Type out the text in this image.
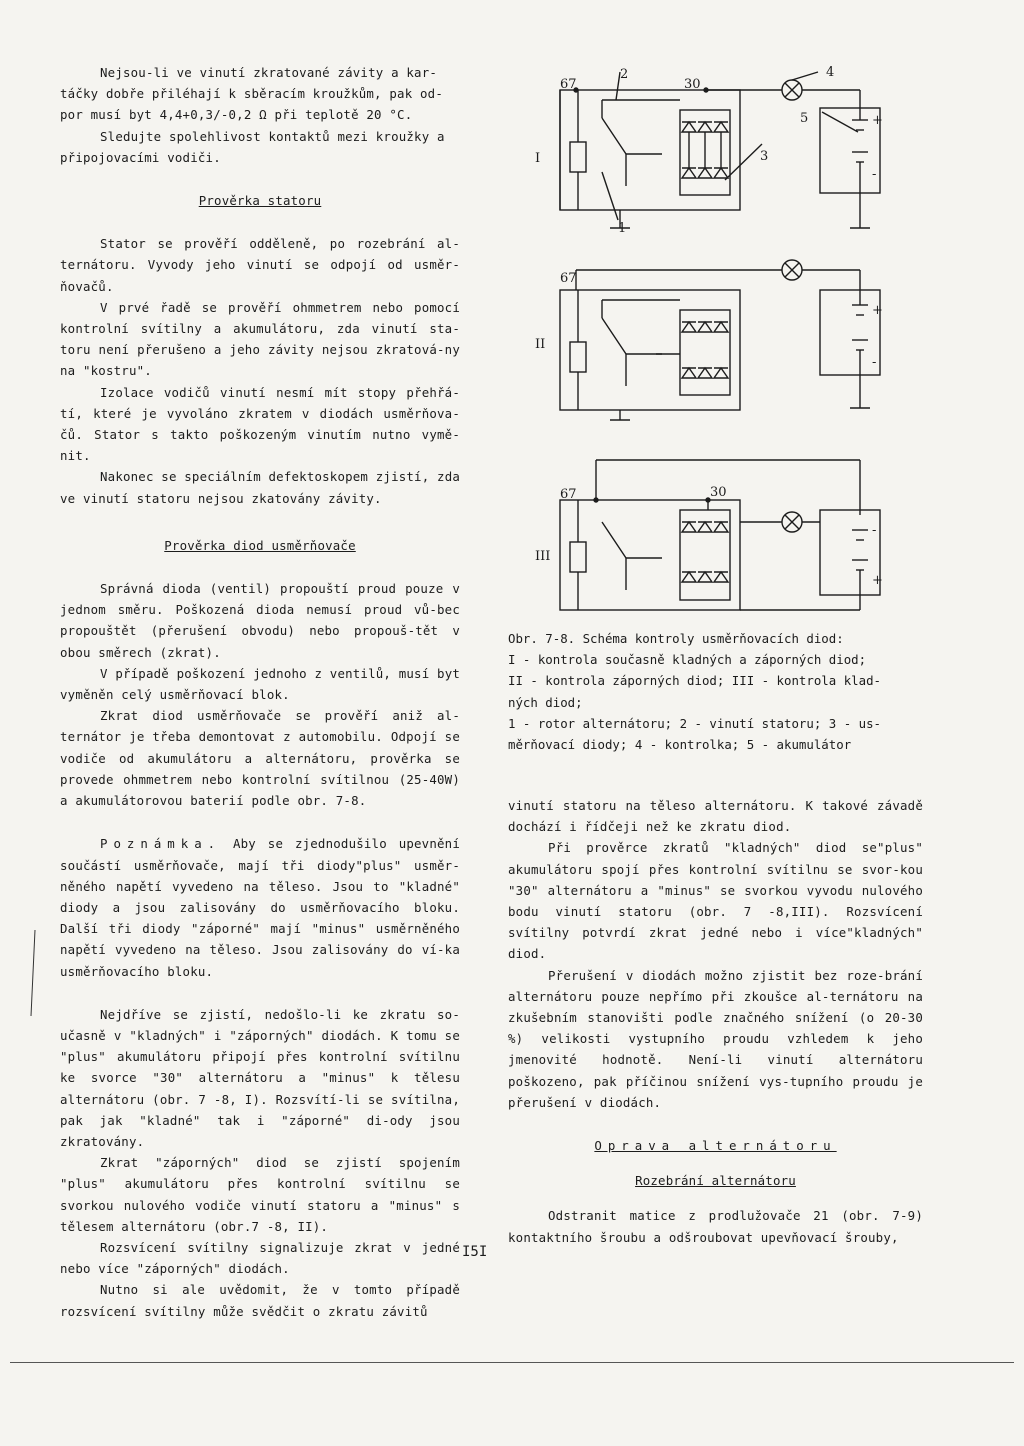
Nejsou-li ve vinutí zkratované závity a kar-

táčky dobře přiléhají k sběracím kroužkům, pak od-

por musí byt 4,4+0,3/-0,2 Ω při teplotě 20 °C.

Sledujte spolehlivost kontaktů mezi kroužky a

připojovacími vodiči.

Prověrka statoru

Stator se prověří odděleně, po rozebrání al-ternátoru. Vyvody jeho vinutí se odpojí od usměr-ňovačů.

V prvé řadě se prověří ohmmetrem nebo pomocí kontrolní svítilny a akumulátoru, zda vinutí sta-toru není přerušeno a jeho závity nejsou zkratová-ny na "kostru".

Izolace vodičů vinutí nesmí mít stopy přehřá-tí, které je vyvoláno zkratem v diodách usměrňova-čů. Stator s takto poškozeným vinutím nutno vymě-nit.

Nakonec se speciálním defektoskopem zjistí, zda ve vinutí statoru nejsou zkatovány závity.

Prověrka diod usměrňovače

Správná dioda (ventil) propouští proud pouze v jednom směru. Poškozená dioda nemusí proud vů-bec propouštět (přerušení obvodu) nebo propouš-tět v obou směrech (zkrat).

V případě poškození jednoho z ventilů, musí byt vyměněn celý usměrňovací blok.

Zkrat diod usměrňovače se prověří aniž al-ternátor je třeba demontovat z automobilu. Odpojí se vodiče od akumulátoru a alternátoru, prověrka se provede ohmmetrem nebo kontrolní svítilnou (25-40W) a akumulátorovou baterií podle obr. 7-8.

Poznámka. Aby se zjednodušilo upevnění součástí usměrňovače, mají tři diody"plus" usměr-něného napětí vyvedeno na těleso. Jsou to "kladné" diody a jsou zalisovány do usměrňovacího bloku. Další tři diody "záporné" mají "minus" usměrněného napětí vyvedeno na těleso. Jsou zalisovány do ví-ka usměrňovacího bloku.

Nejdříve se zjistí, nedošlo-li ke zkratu so-učasně v "kladných" i "záporných" diodách. K tomu se "plus" akumulátoru připojí přes kontrolní svítilnu ke svorce "30" alternátoru a "minus" k tělesu alternátoru (obr. 7 -8, I). Rozsvítí-li se svítilna, pak jak "kladné" tak i "záporné" di-ody jsou zkratovány.

Zkrat "záporných" diod se zjistí spojením "plus" akumulátoru přes kontrolní svítilnu se svorkou nulového vodiče vinutí statoru a "minus" s tělesem alternátoru (obr.7 -8, II).

Rozsvícení svítilny signalizuje zkrat v jedné nebo více "záporných" diodách.

Nutno si ale uvědomit, že v tomto případě rozsvícení svítilny může svědčit o zkratu závitů

I
67	30
2
3
4
5
1
+
-
II
67
+
-
III
67	30
-
+

Obr. 7-8. Schéma kontroly usměrňovacích diod:

I - kontrola současně kladných a záporných diod;

II - kontrola záporných diod; III - kontrola klad-

ných diod;

1 - rotor alternátoru; 2 - vinutí statoru; 3 - us-

měrňovací diody; 4 - kontrolka; 5 - akumulátor

vinutí statoru na těleso alternátoru. K takové závadě dochází i řídčeji než ke zkratu diod.

Při prověrce zkratů "kladných" diod se"plus" akumulátoru spojí přes kontrolní svítilnu se svor-kou "30" alternátoru a "minus" se svorkou vyvodu nulového bodu vinutí statoru (obr. 7 -8,III). Rozsvícení svítilny potvrdí zkrat jedné nebo i více"kladných" diod.

Přerušení v diodách možno zjistit bez roze-brání alternátoru pouze nepřímo při zkoušce al-ternátoru na zkušebním stanovišti podle značného snížení (o 20-30 %) velikosti vystupního proudu vzhledem k jeho jmenovité hodnotě. Není-li vinutí alternátoru poškozeno, pak příčinou snížení vys-tupního proudu je přerušení v diodách.

Oprava alternátoru

Rozebrání alternátoru

Odstranit matice z prodlužovače 21 (obr. 7-9) kontaktního šroubu a odšroubovat upevňovací šrouby,

I5I
